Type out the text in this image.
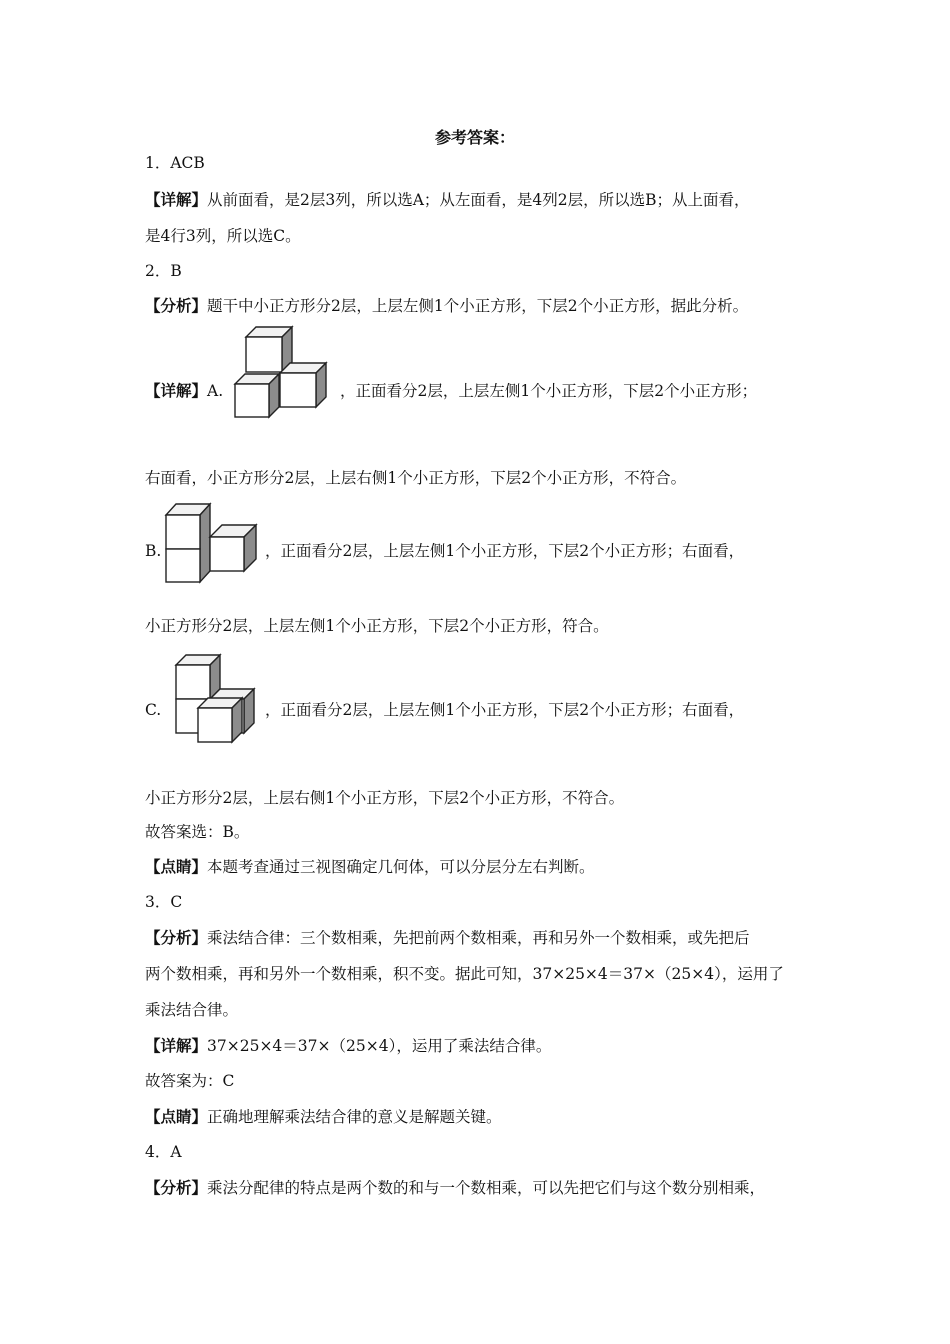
参考答案：
1．ACB
【详解】从前面看，是2层3列，所以选A；从左面看，是4列2层，所以选B；从上面看，
是4行3列，所以选C。
2．B
【分析】题干中小正方形分2层，上层左侧1个小正方形，下层2个小正方形，据此分析。
【详解】A.	，正面看分2层，上层左侧1个小正方形，下层2个小正方形；
右面看，小正方形分2层，上层右侧1个小正方形，下层2个小正方形，不符合。
B.	，正面看分2层，上层左侧1个小正方形，下层2个小正方形；右面看，
小正方形分2层，上层左侧1个小正方形，下层2个小正方形，符合。
C.	，正面看分2层，上层左侧1个小正方形，下层2个小正方形；右面看，
小正方形分2层，上层右侧1个小正方形，下层2个小正方形，不符合。
故答案选：B。
【点睛】本题考查通过三视图确定几何体，可以分层分左右判断。
3．C
【分析】乘法结合律：三个数相乘，先把前两个数相乘，再和另外一个数相乘，或先把后
两个数相乘，再和另外一个数相乘，积不变。据此可知，37×25×4＝37×（25×4），运用了
乘法结合律。
【详解】37×25×4＝37×（25×4），运用了乘法结合律。
故答案为：C
【点睛】正确地理解乘法结合律的意义是解题关键。
4．A
【分析】乘法分配律的特点是两个数的和与一个数相乘，可以先把它们与这个数分别相乘，
